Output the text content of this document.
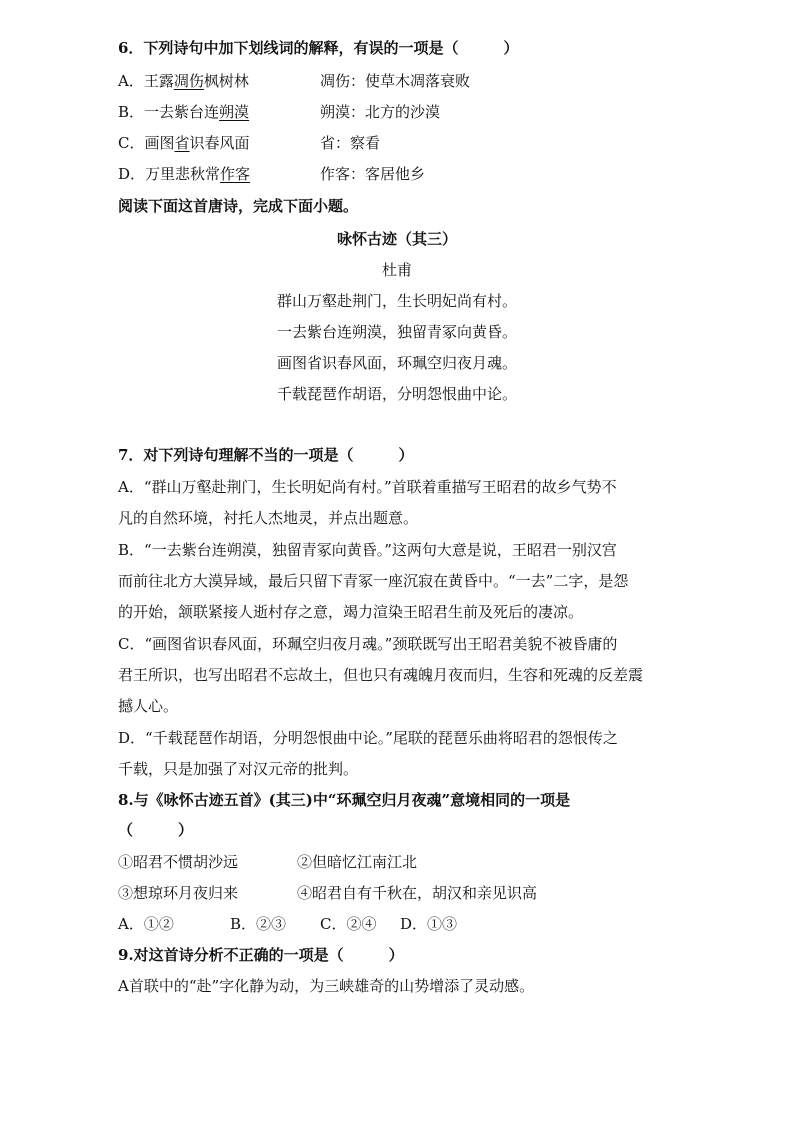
6．下列诗句中加下划线词的解释，有误的一项是（　　　）
A．王露凋伤枫树林	凋伤：使草木凋落衰败
B．一去紫台连朔漠	朔漠：北方的沙漠
C．画图省识春风面	省：察看
D．万里悲秋常作客	作客：客居他乡
阅读下面这首唐诗，完成下面小题。
咏怀古迹（其三）
杜甫
群山万壑赴荆门，生长明妃尚有村。
一去紫台连朔漠，独留青冢向黄昏。
画图省识春风面，环珮空归夜月魂。
千载琵琶作胡语，分明怨恨曲中论。
7．对下列诗句理解不当的一项是（　　　）
A．“群山万壑赴荆门，生长明妃尚有村。”首联着重描写王昭君的故乡气势不
凡的自然环境，衬托人杰地灵，并点出题意。
B．“一去紫台连朔漠，独留青冢向黄昏。”这两句大意是说，王昭君一别汉宫
而前往北方大漠异域，最后只留下青冢一座沉寂在黄昏中。“一去”二字，是怨
的开始，颔联紧接人逝村存之意，竭力渲染王昭君生前及死后的凄凉。
C．“画图省识春风面，环珮空归夜月魂。”颈联既写出王昭君美貌不被昏庸的
君王所识，也写出昭君不忘故土，但也只有魂魄月夜而归，生容和死魂的反差震
撼人心。
D．“千载琵琶作胡语，分明怨恨曲中论。”尾联的琵琶乐曲将昭君的怨恨传之
千载，只是加强了对汉元帝的批判。
8.与《咏怀古迹五首》(其三)中“环珮空归月夜魂”意境相同的一项是
（　　　）
①昭君不惯胡沙远	②但暗忆江南江北
③想琼环月夜归来	④昭君自有千秋在，胡汉和亲见识高
A．①②	B．②③ C．②④ D．①③
9.对这首诗分析不正确的一项是（　　　）
A首联中的“赴”字化静为动，为三峡雄奇的山势增添了灵动感。
